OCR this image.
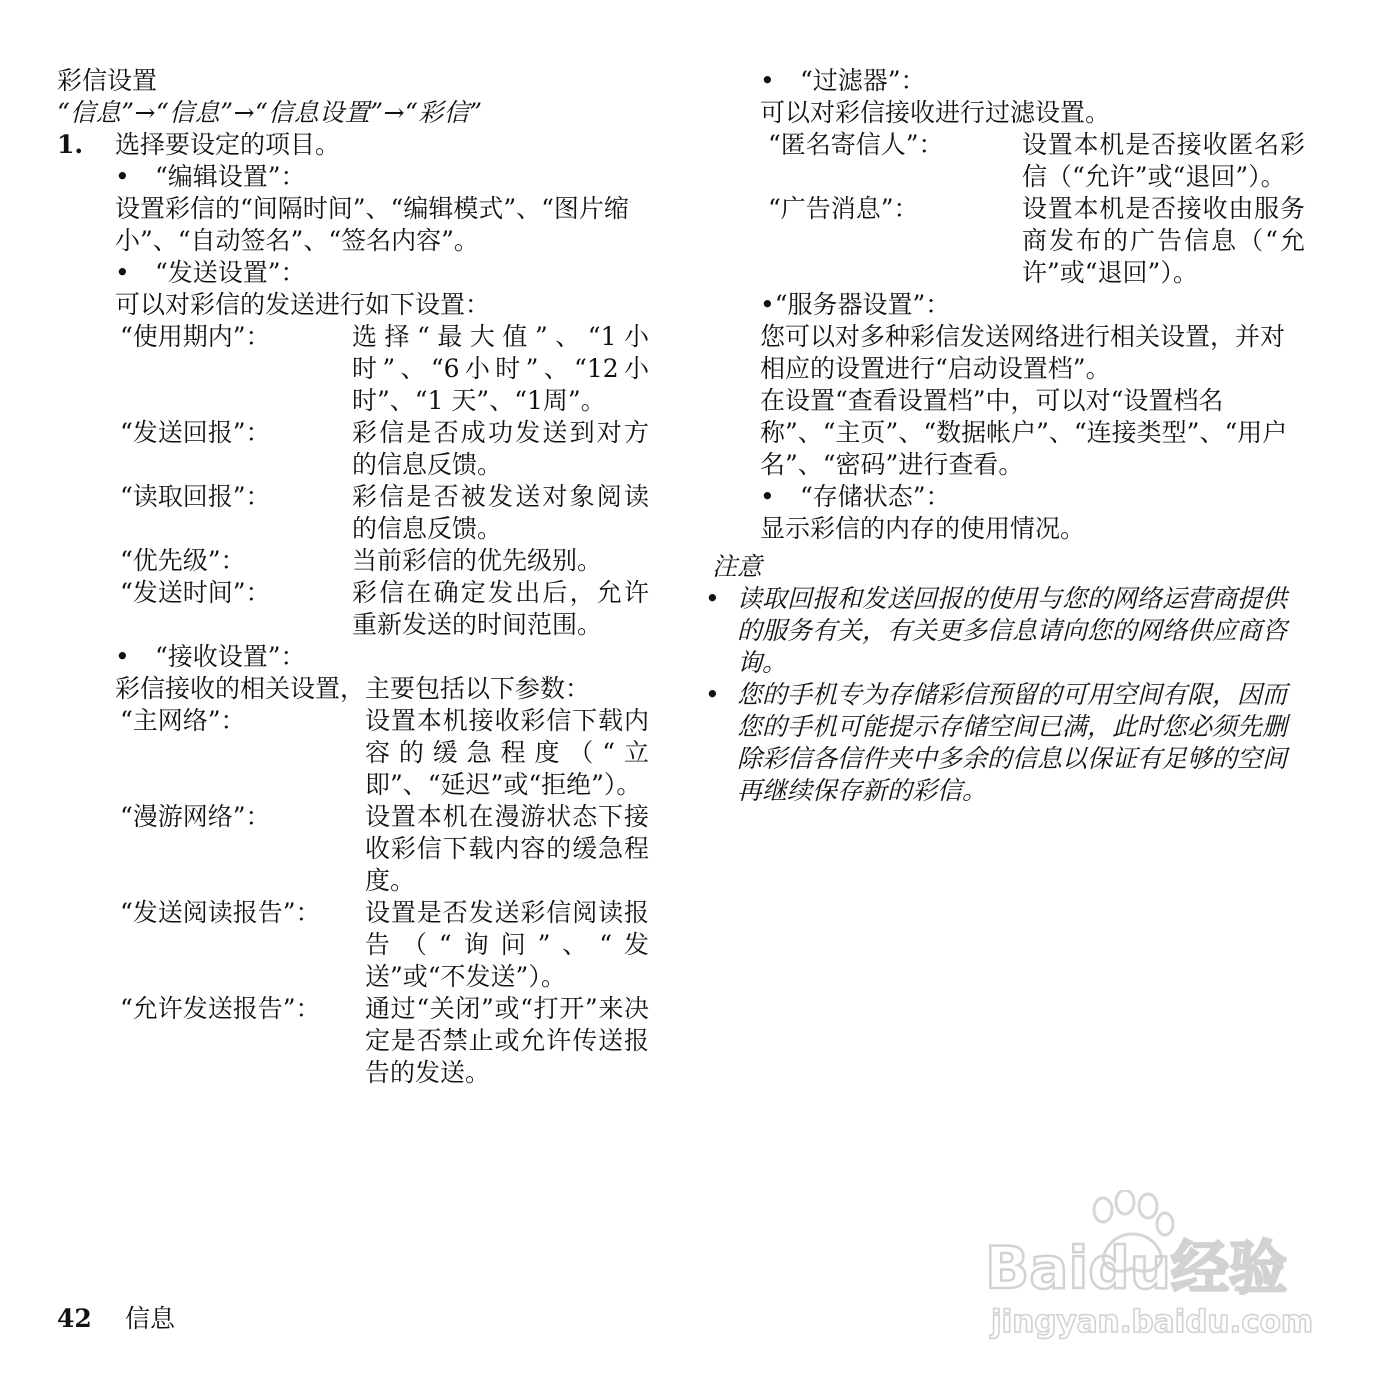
彩信设置
“信息”→“信息”→“信息设置”→“彩信”
1.	选择要设定的项目。
•	“编辑设置”：

设置彩信的“间隔时间”、“编辑模式”、“图片缩小”、“自动签名”、“签名内容”。

•	“发送设置”：

可以对彩信的发送进行如下设置：

“使用期内”：	选择“最大值”、“1小时”、“6小时”、“12小时”、“1 天”、“1周”。
“发送回报”：	彩信是否成功发送到对方的信息反馈。
“读取回报”：	彩信是否被发送对象阅读的信息反馈。
“优先级”：	当前彩信的优先级别。
“发送时间”：	彩信在确定发出后，允许重新发送的时间范围。
•	“接收设置”：

彩信接收的相关设置，主要包括以下参数：

“主网络”：	设置本机接收彩信下载内容的缓急程度（“立即”、“延迟”或“拒绝”）。
“漫游网络”：	设置本机在漫游状态下接收彩信下载内容的缓急程度。
“发送阅读报告”：	设置是否发送彩信阅读报告（“询问”、“发送”或“不发送”）。
“允许发送报告”：	通过“关闭”或“打开”来决定是否禁止或允许传送报告的发送。
•	“过滤器”：

可以对彩信接收进行过滤设置。

“匿名寄信人”：	设置本机是否接收匿名彩信（“允许”或“退回”）。
“广告消息”：	设置本机是否接收由服务商发布的广告信息（“允 许”或“退回”）。
• “服务器设置”：

您可以对多种彩信发送网络进行相关设置，并对相应的设置进行“启动设置档”。

在设置“查看设置档”中，可以对“设置档名称”、“主页”、“数据帐户”、“连接类型”、“用户名”、“密码”进行查看。

•	“存储状态”：

显示彩信的内存的使用情况。

注意
• 读取回报和发送回报的使用与您的网络运营商提供的服务有关，有关更多信息请向您的网络供应商咨询。
• 您的手机专为存储彩信预留的可用空间有限，因而您的手机可能提示存储空间已满，此时您必须先删除彩信各信件夹中多余的信息以保证有足够的空间再继续保存新的彩信。
42	信息
Baidu经验
jingyan.baidu.com
